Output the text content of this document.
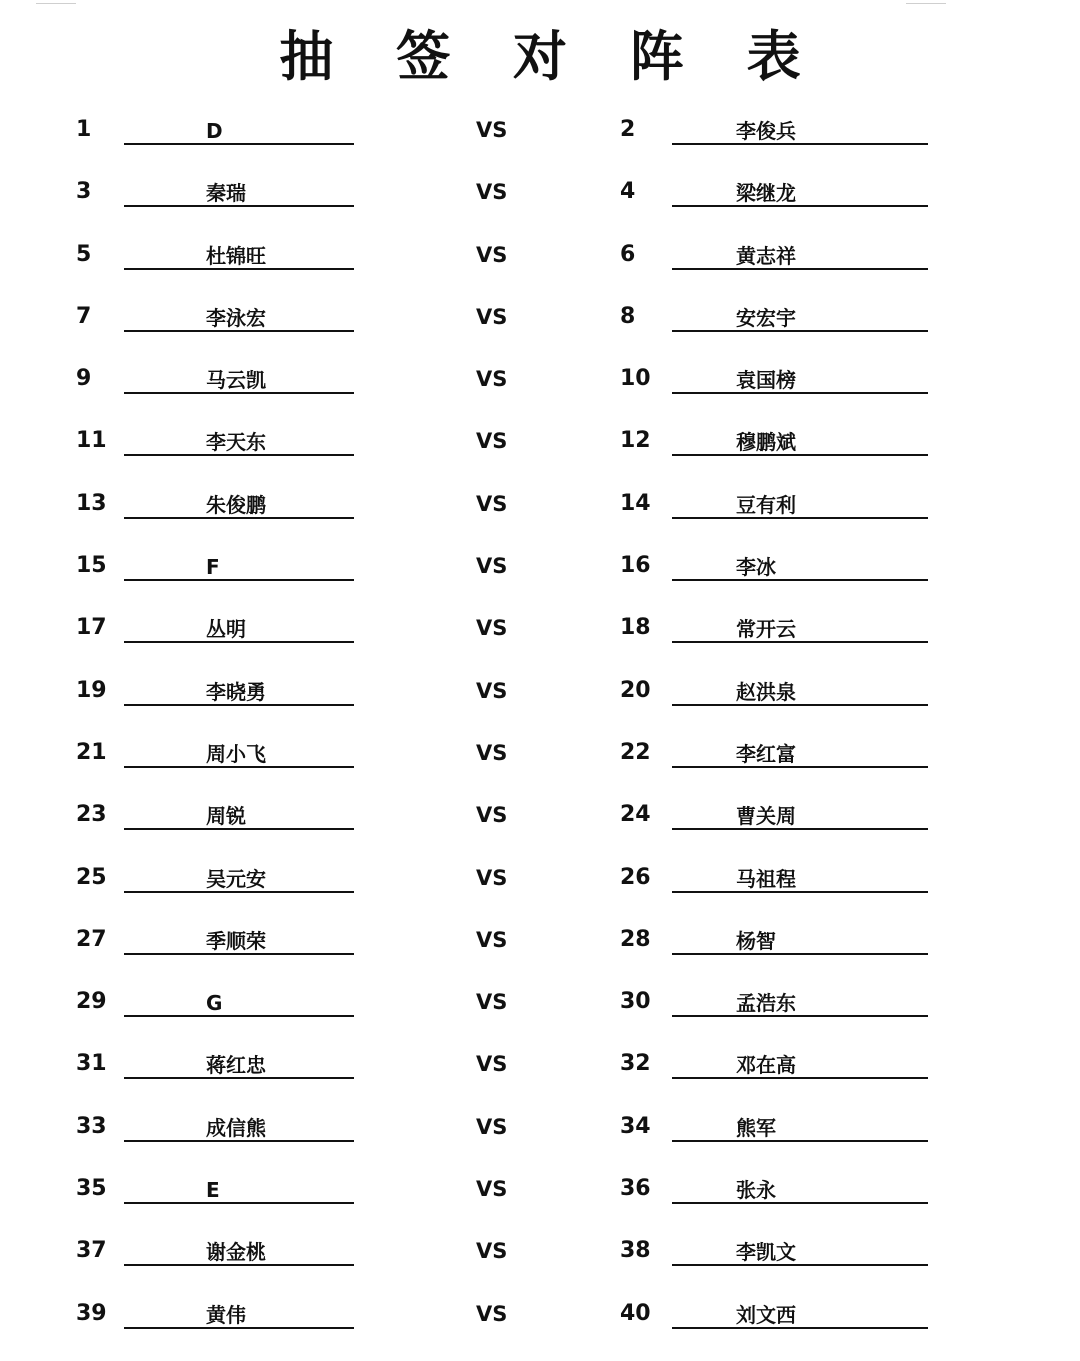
抽 签 对 阵 表
1	D	VS	2	李俊兵
3	秦瑞	VS	4	梁继龙
5	杜锦旺	VS	6	黄志祥
7	李泳宏	VS	8	安宏宇
9	马云凯	VS	10	袁国榜
11	李天东	VS	12	穆鹏斌
13	朱俊鹏	VS	14	豆有利
15	F	VS	16	李冰
17	丛明	VS	18	常开云
19	李晓勇	VS	20	赵洪泉
21	周小飞	VS	22	李红富
23	周锐	VS	24	曹关周
25	吴元安	VS	26	马祖程
27	季顺荣	VS	28	杨智
29	G	VS	30	孟浩东
31	蒋红忠	VS	32	邓在高
33	成信熊	VS	34	熊军
35	E	VS	36	张永
37	谢金桃	VS	38	李凯文
39	黄伟	VS	40	刘文西
